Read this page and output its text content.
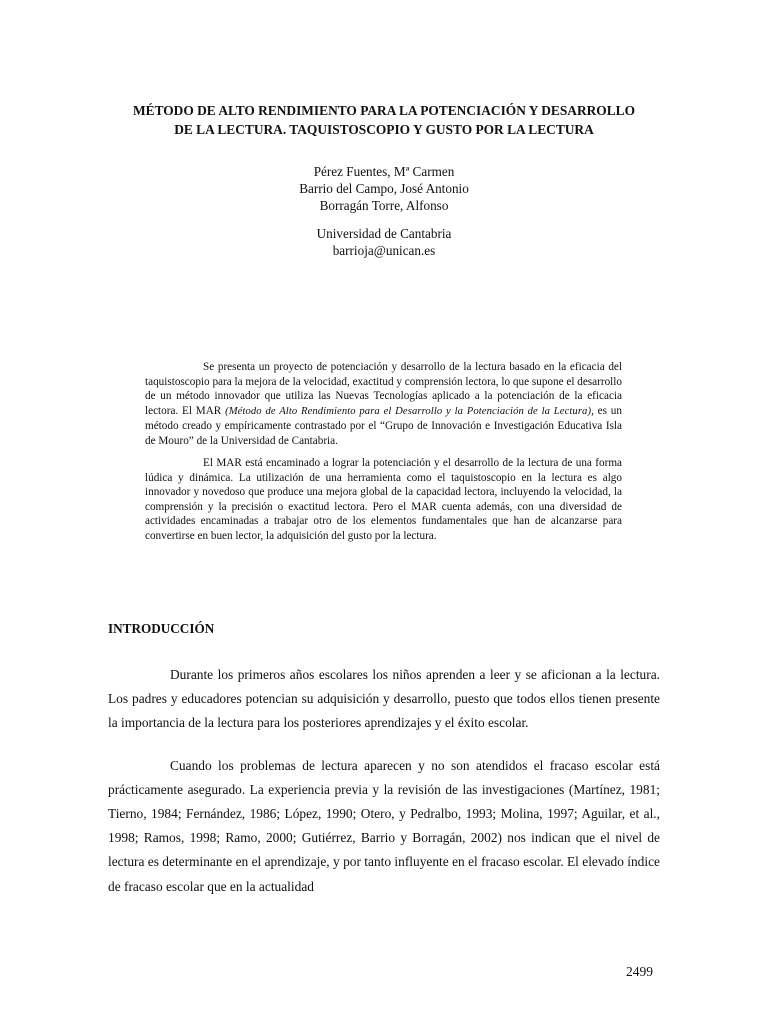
MÉTODO DE ALTO RENDIMIENTO PARA LA POTENCIACIÓN Y DESARROLLO
DE LA LECTURA. TAQUISTOSCOPIO Y GUSTO POR LA LECTURA
Pérez Fuentes, Mª Carmen
Barrio del Campo, José Antonio
Borragán Torre, Alfonso
Universidad de Cantabria
barrioja@unican.es

Se presenta un proyecto de potenciación y desarrollo de la lectura basado en la eficacia del taquistoscopio para la mejora de la velocidad, exactitud y comprensión lectora, lo que supone el desarrollo de un método innovador que utiliza las Nuevas Tecnologías aplicado a la potenciación de la eficacia lectora. El MAR (Método de Alto Rendimiento para el Desarrollo y la Potenciación de la Lectura), es un método creado y empíricamente contrastado por el “Grupo de Innovación e Investigación Educativa Isla de Mouro” de la Universidad de Cantabria.

El MAR está encaminado a lograr la potenciación y el desarrollo de la lectura de una forma lúdica y dinámica. La utilización de una herramienta como el taquistoscopio en la lectura es algo innovador y novedoso que produce una mejora global de la capacidad lectora, incluyendo la velocidad, la comprensión y la precisión o exactitud lectora. Pero el MAR cuenta además, con una diversidad de actividades encaminadas a trabajar otro de los elementos fundamentales que han de alcanzarse para convertirse en buen lector, la adquisición del gusto por la lectura.

INTRODUCCIÓN

Durante los primeros años escolares los niños aprenden a leer y se aficionan a la lectura. Los padres y educadores potencian su adquisición y desarrollo, puesto que todos ellos tienen presente la importancia de la lectura para los posteriores aprendizajes y el éxito escolar.

Cuando los problemas de lectura aparecen y no son atendidos el fracaso escolar está prácticamente asegurado. La experiencia previa y la revisión de las investigaciones (Martínez, 1981; Tierno, 1984; Fernández, 1986; López, 1990; Otero, y Pedralbo, 1993; Molina, 1997; Aguilar, et al., 1998; Ramos, 1998; Ramo, 2000; Gutiérrez, Barrio y Borragán, 2002) nos indican que el nivel de lectura es determinante en el aprendizaje, y por tanto influyente en el fracaso escolar. El elevado índice de fracaso escolar que en la actualidad

2499
